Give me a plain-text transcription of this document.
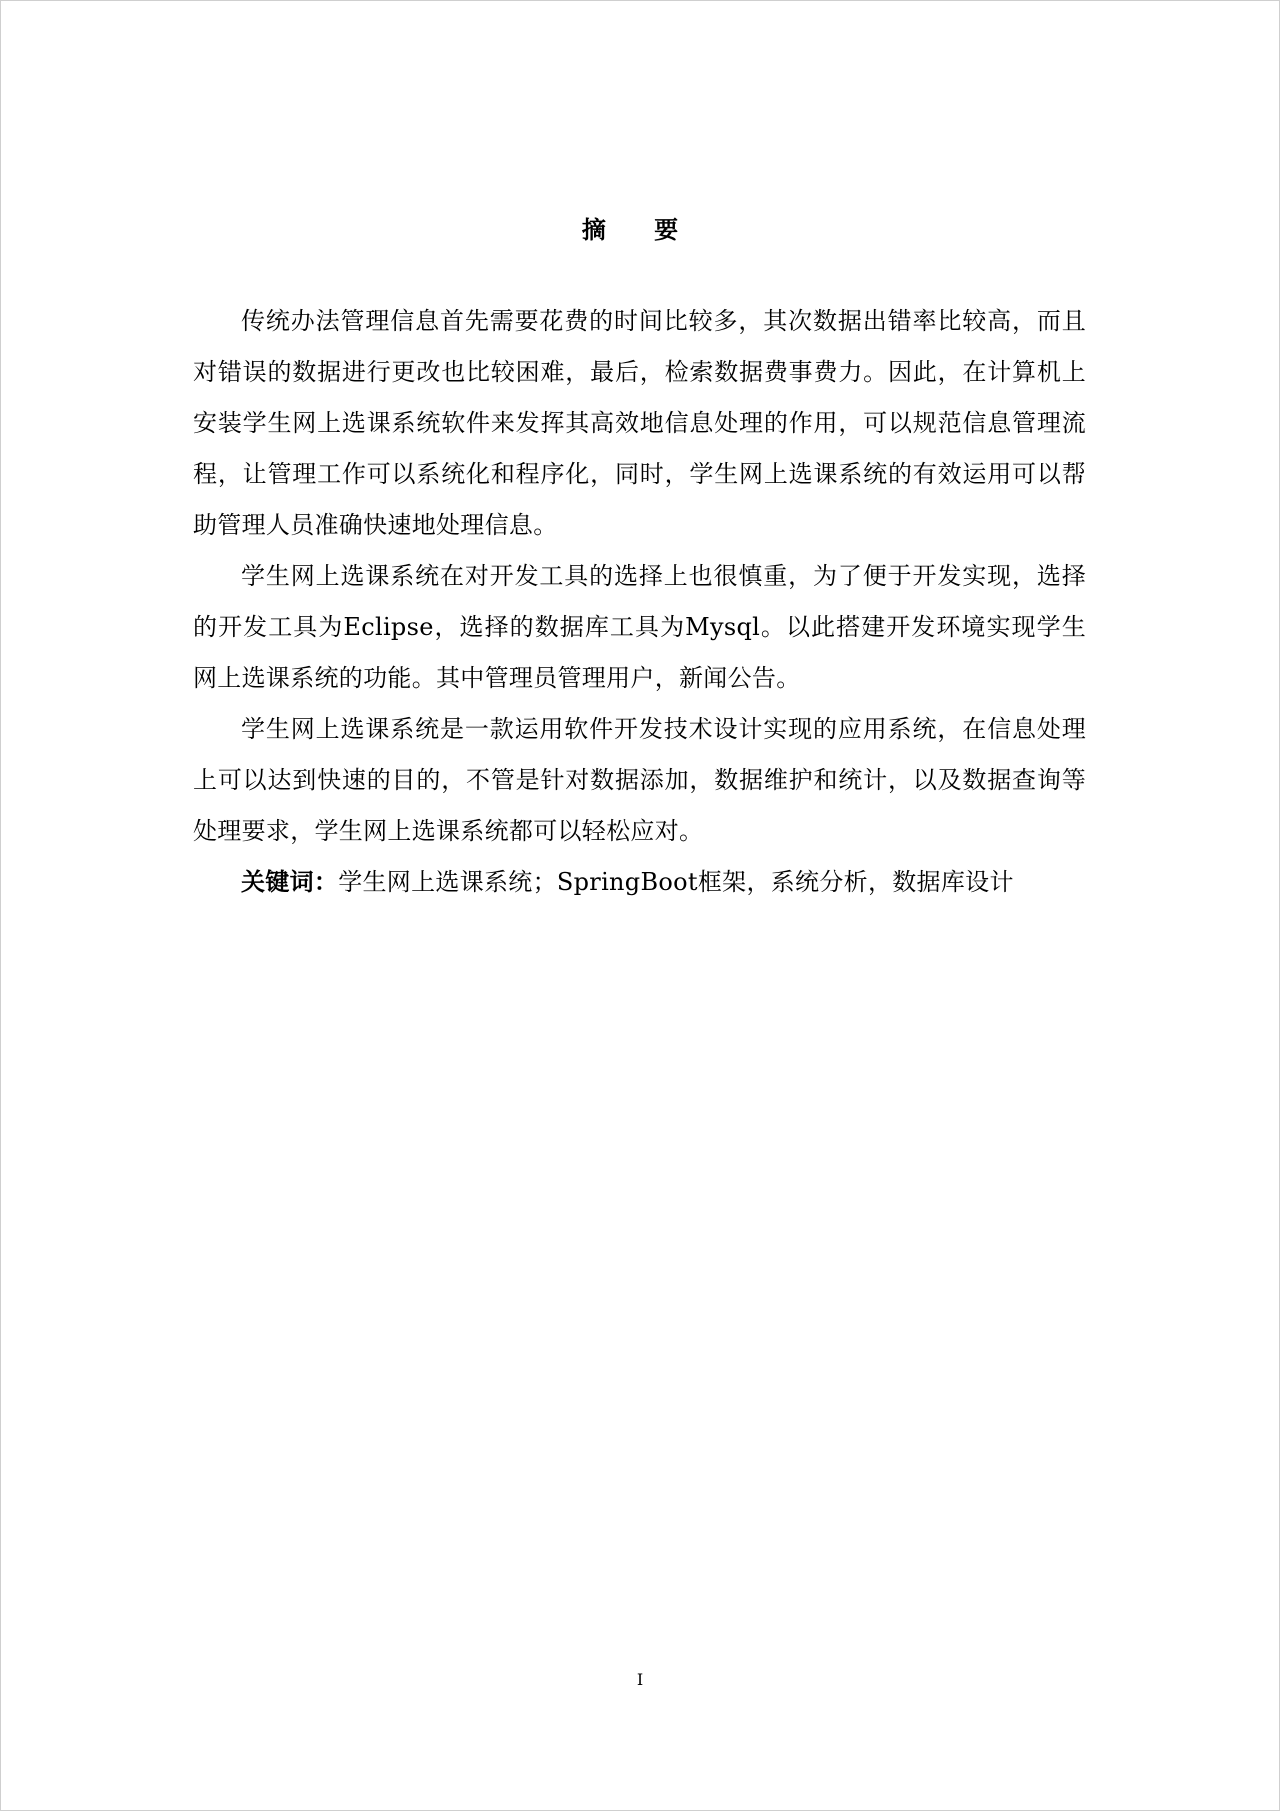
摘 要

传统办法管理信息首先需要花费的时间比较多，其次数据出错率比较高，而且对错误的数据进行更改也比较困难，最后，检索数据费事费力。因此，在计算机上安装学生网上选课系统软件来发挥其高效地信息处理的作用，可以规范信息管理流程，让管理工作可以系统化和程序化，同时，学生网上选课系统的有效运用可以帮助管理人员准确快速地处理信息。

学生网上选课系统在对开发工具的选择上也很慎重，为了便于开发实现，选择的开发工具为Eclipse，选择的数据库工具为Mysql。以此搭建开发环境实现学生网上选课系统的功能。其中管理员管理用户，新闻公告。

学生网上选课系统是一款运用软件开发技术设计实现的应用系统，在信息处理上可以达到快速的目的，不管是针对数据添加，数据维护和统计，以及数据查询等处理要求，学生网上选课系统都可以轻松应对。

关键词：学生网上选课系统；SpringBoot框架，系统分析，数据库设计

I
